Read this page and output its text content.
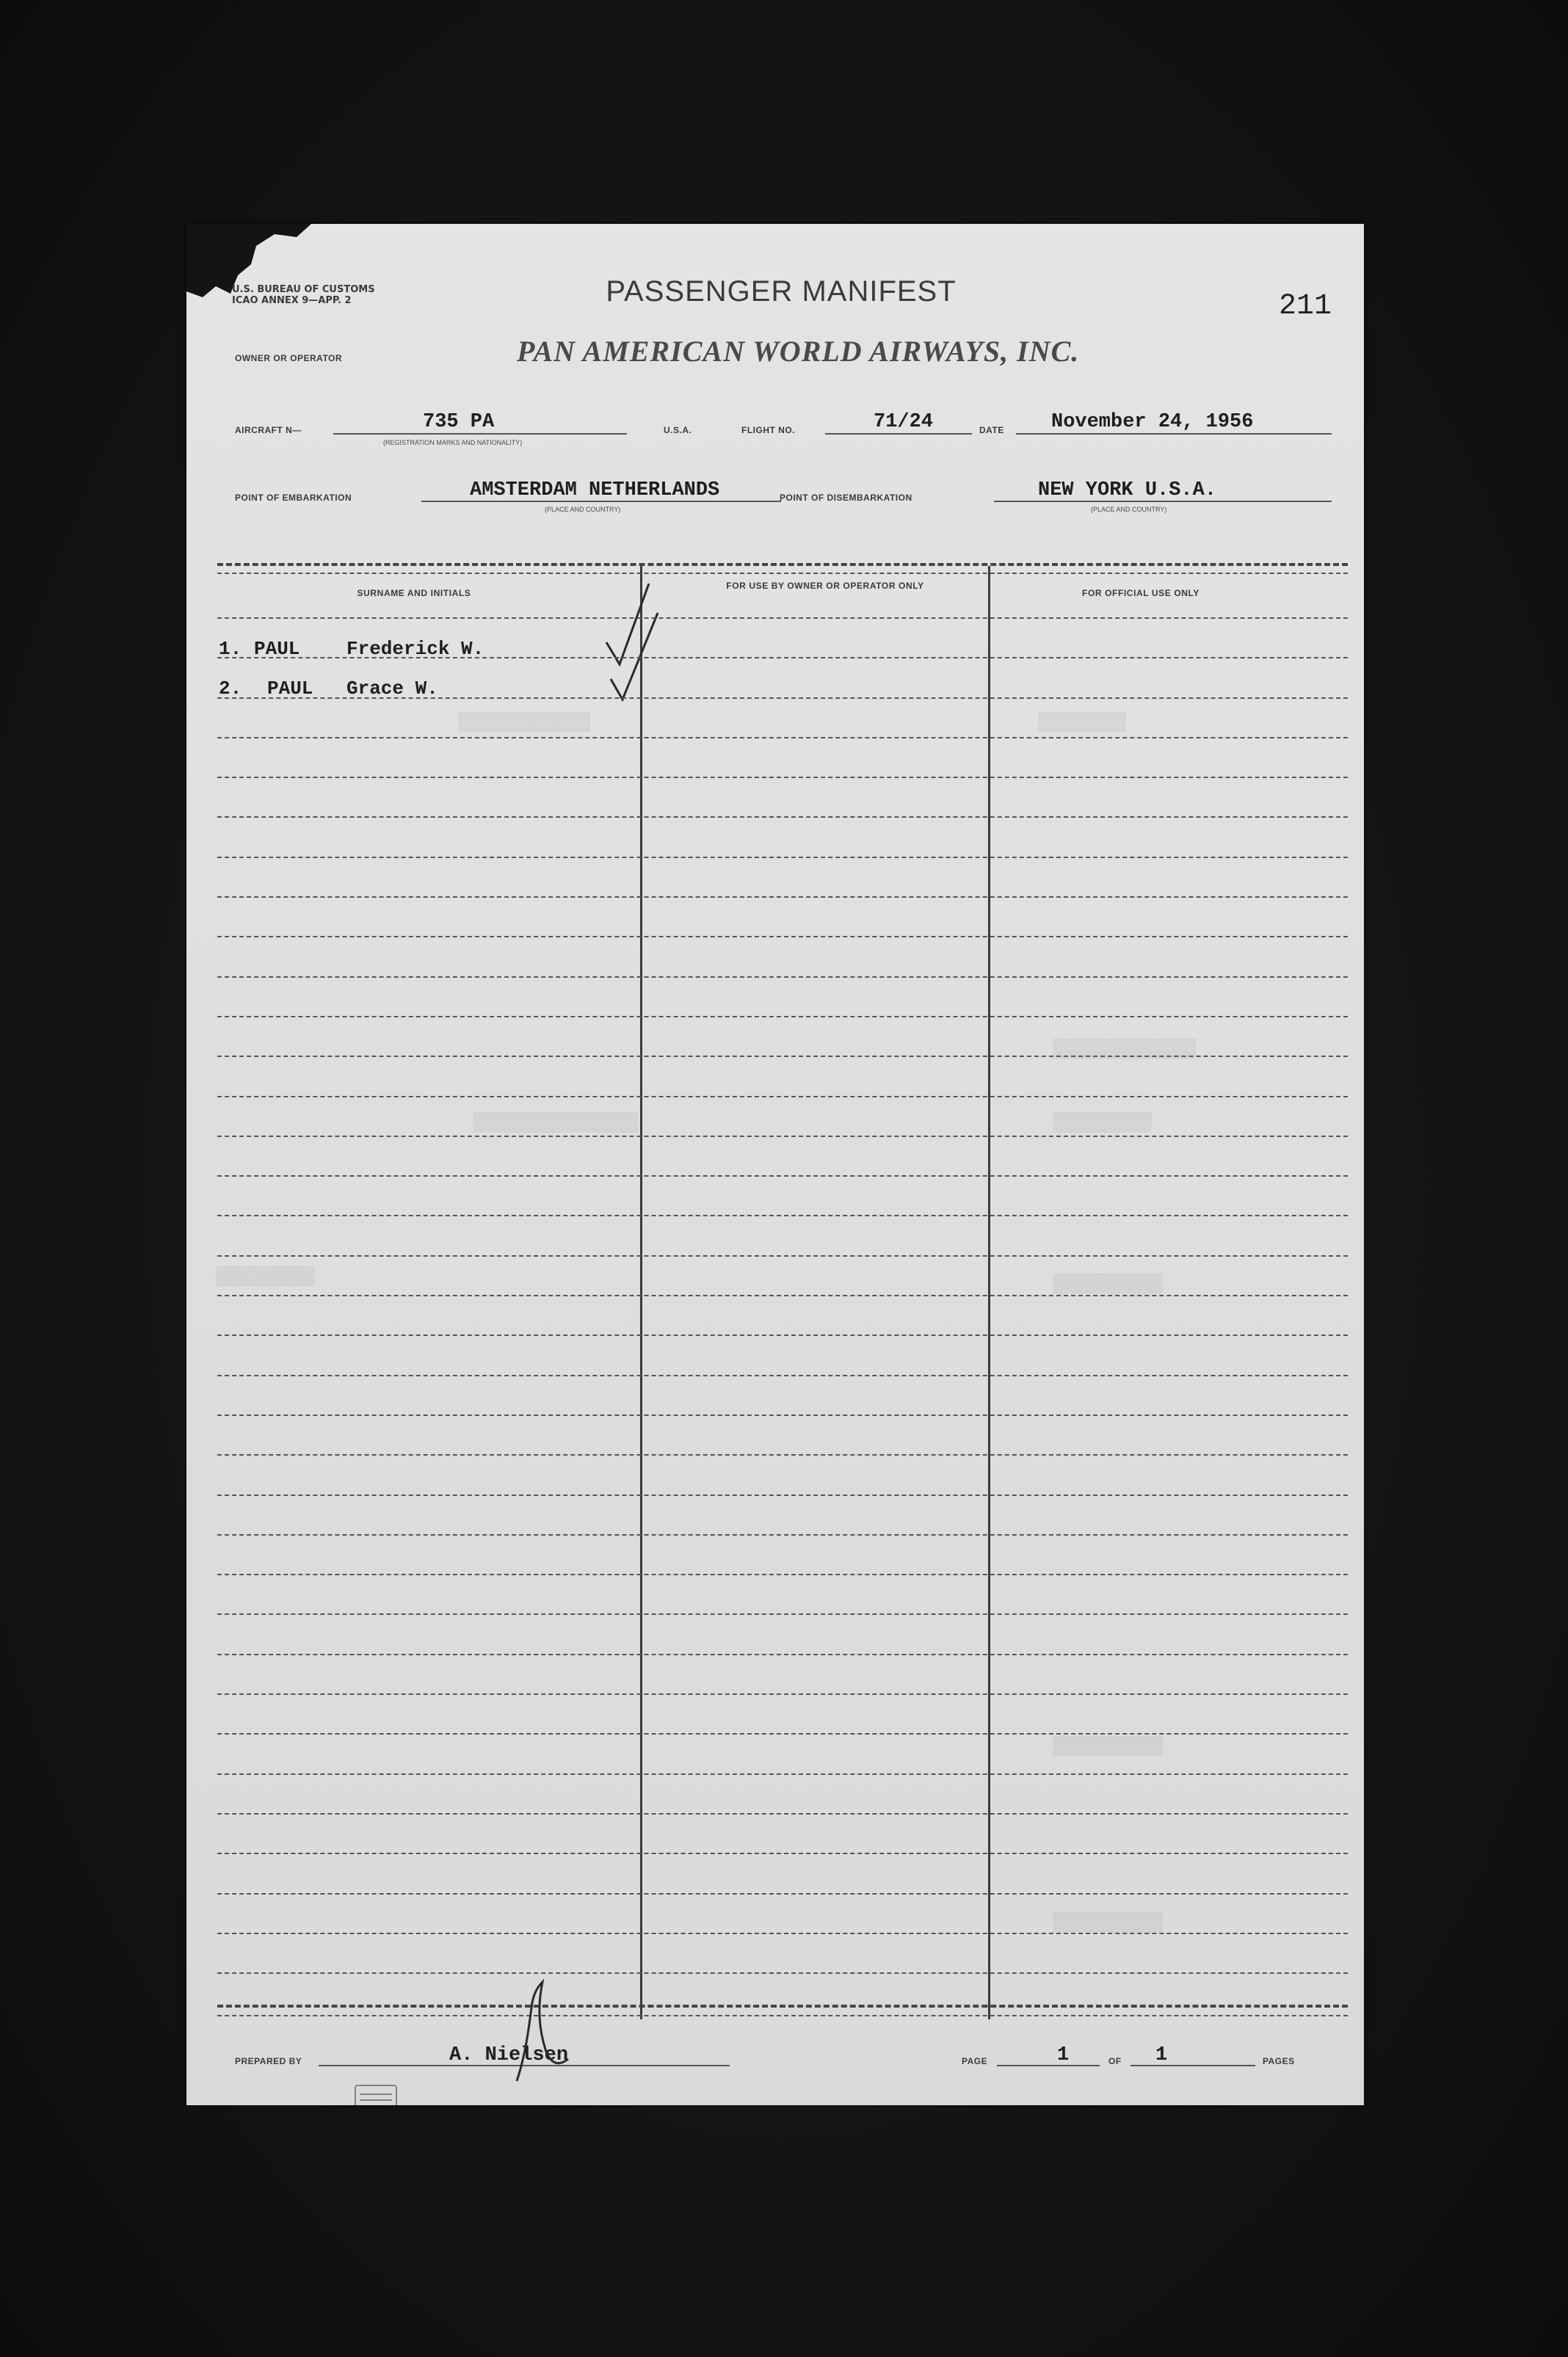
U.S. BUREAU OF CUSTOMS
ICAO ANNEX 9—APP. 2	PASSENGER MANIFEST	211
OWNER OR OPERATOR	PAN AMERICAN WORLD AIRWAYS, INC.
AIRCRAFT N—	735 PA
(REGISTRATION MARKS AND NATIONALITY)
U.S.A.	FLIGHT NO.	71/24	DATE November 24, 1956
POINT OF EMBARKATION	AMSTERDAM NETHERLANDS
(PLACE AND COUNTRY)
POINT OF DISEMBARKATION	NEW YORK U.S.A.
(PLACE AND COUNTRY)
SURNAME AND INITIALS
FOR USE BY OWNER OR OPERATOR ONLY
FOR OFFICIAL USE ONLY
1. PAUL Frederick W.
2. PAUL Grace W.
▒▒▒▒▒▒▒▒▒▒▒▒	▒▒▒▒▒▒▒▒
▒▒▒▒▒▒▒▒▒▒▒▒▒
▒▒▒▒▒▒▒▒▒
▒▒▒▒▒▒▒▒▒▒▒▒▒▒▒
▒▒▒▒▒▒▒▒▒	▒▒▒▒▒▒▒▒▒▒
▒▒▒▒▒▒▒▒▒▒
▒▒▒▒▒▒▒▒▒▒
PREPARED BY	A. Nielsen	PAGE	1	OF 1	PAGES
